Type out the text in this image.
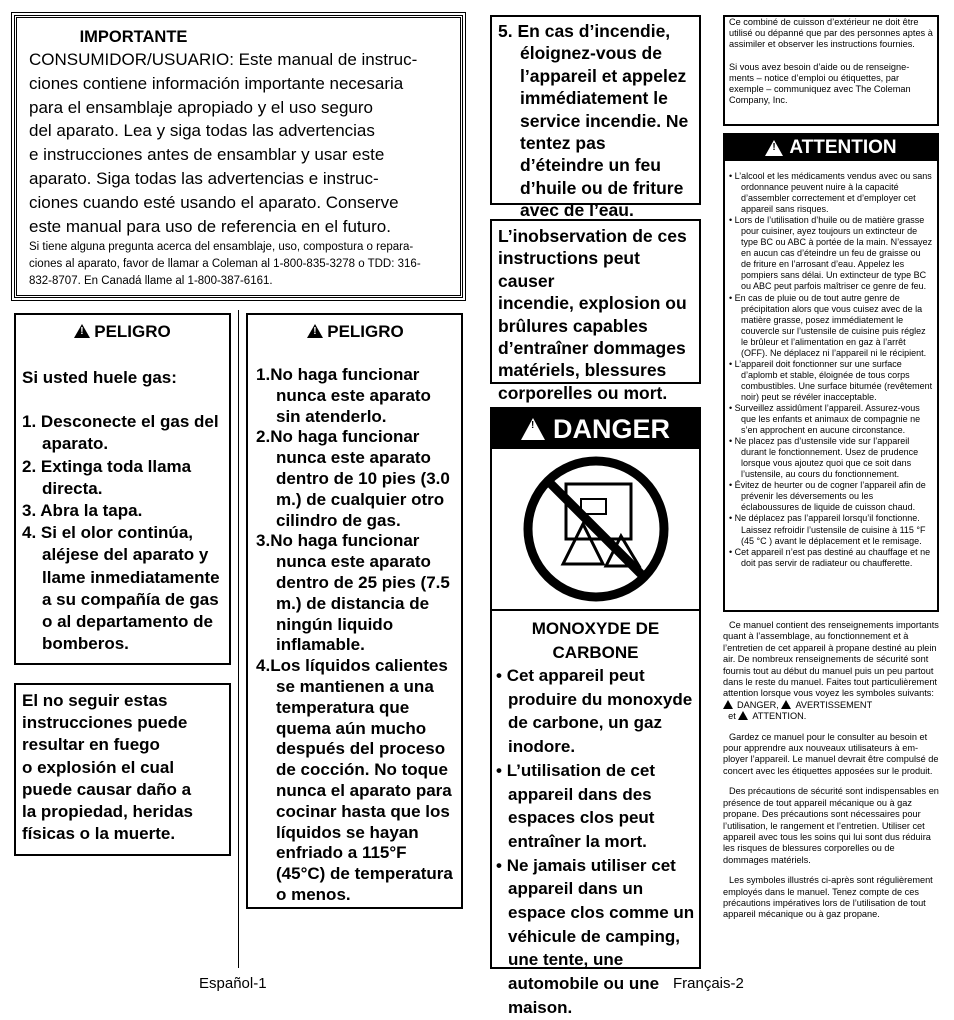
IMPORTANTE
CONSUMIDOR/USUARIO: Este manual de instruc-
ciones contiene información importante necesaria
para el ensamblaje apropiado y el uso seguro
del aparato. Lea y siga todas las advertencias
e instrucciones antes de ensamblar y usar este
aparato. Siga todas las advertencias e instruc-
ciones cuando esté usando el aparato. Conserve
este manual para uso de referencia en el futuro.
Si tiene alguna pregunta acerca del ensamblaje, uso, compostura o repara-
ciones al aparato, favor de llamar a Coleman al 1-800-835-3278 o TDD: 316-
832-8707. En Canadá llame al 1-800-387-6161.
!PELIGRO
Si usted huele gas:
1. Desconecte el gas del aparato.
2. Extinga toda llama directa.
3. Abra la tapa.
4. Si el olor continúa, aléjese del aparato y llame inmediatamente a su compañía de gas o al departamento de bomberos.
El no seguir estas
instrucciones puede
resultar en fuego
o explosión el cual
puede causar daño a
la propiedad, heridas
físicas o la muerte.
!PELIGRO
1.No haga funcionar nunca este aparato sin atenderlo.
2.No haga funcionar nunca este aparato dentro de 10 pies (3.0 m.) de cualquier otro cilindro de gas.
3.No haga funcionar nunca este aparato dentro de 25 pies (7.5 m.) de distancia de ningún liquido inflamable.
4.Los líquidos calientes se mantienen a una temperatura que quema aún mucho después del proceso de cocción. No toque nunca el aparato para cocinar hasta que los líquidos se hayan enfriado a 115°F (45°C) de temperatura o menos.
5. En cas d’incendie, éloignez-vous de l’appareil et appelez immédiatement le service incendie. Ne tentez pas d’éteindre un feu d’huile ou de friture avec de l’eau.
L’inobservation de ces
instructions peut causer
incendie, explosion ou
brûlures capables
d’entraîner dommages
matériels, blessures
corporelles ou mort.
!
DANGER
MONOXYDE DE
CARBONE
• Cet appareil peut produire du monoxyde de carbone, un gaz inodore.
• L’utilisation de cet appareil dans des espaces clos peut entraîner la mort.
• Ne jamais utiliser cet appareil dans un espace clos comme un véhicule de camping, une tente, une automobile ou une maison.
Ce combiné de cuisson d’extérieur ne doit être utilisé ou dépanné que par des personnes aptes à assimiler et observer les instructions fournies.
Si vous avez besoin d’aide ou de renseigne-
ments – notice d’emploi ou étiquettes, par
exemple – communiquez avec The Coleman
Company, Inc.
!
ATTENTION
• L’alcool et les médicaments vendus avec ou sans ordonnance peuvent nuire à la capacité d’assembler correctement et d’employer cet appareil sans risques.
• Lors de l’utilisation d’huile ou de matière grasse pour cuisiner, ayez toujours un extincteur de type BC ou ABC à portée de la main. N’essayez en aucun cas d’éteindre un feu de graisse ou de friture en l’arrosant d’eau. Appelez les pompiers sans délai. Un extincteur de type BC ou ABC peut parfois maîtriser ce genre de feu.
• En cas de pluie ou de tout autre genre de précipitation alors que vous cuisez avec de la matière grasse, posez immédiatement le couvercle sur l’ustensile de cuisine puis réglez le brûleur et l’alimentation en gaz à l’arrêt (OFF). Ne déplacez ni l’appareil ni le récipient.
• L’appareil doit fonctionner sur une surface d’aplomb et stable, éloignée de tous corps combustibles. Une surface bitumée (revêtement noir) peut se révéler inacceptable.
• Surveillez assidûment l’appareil. Assurez-vous que les enfants et animaux de compagnie ne s’en approchent en aucune circonstance.
• Ne placez pas d’ustensile vide sur l’appareil durant le fonctionnement. Usez de prudence lorsque vous ajoutez quoi que ce soit dans l’ustensile, au cours du fonctionnement.
• Évitez de heurter ou de cogner l’appareil afin de prévenir les déversements ou les éclaboussures de liquide de cuisson chaud.
• Ne déplacez pas l’appareil lorsqu’il fonctionne. Laissez refroidir l’ustensile de cuisine à 115 °F (45 °C ) avant le déplacement et le remisage.
• Cet appareil n’est pas destiné au chauffage et ne doit pas servir de radiateur ou chaufferette.
Ce manuel contient des renseignements importants quant à l’assemblage, au fonctionnement et à l’entretien de cet appareil à propane destiné au plein air. De nombreux renseignements de sécurité sont fournis tout au début du manuel puis un peu partout dans le reste du manuel. Faites tout particulièrement attention lorsque vous voyez les symboles suivants:
!DANGER, ! AVERTISSEMENT
et ! ATTENTION.
Gardez ce manuel pour le consulter au besoin et pour apprendre aux nouveaux utilisateurs à em-ployer l’appareil. Le manuel devrait être compulsé de concert avec les étiquettes apposées sur le produit.
Des précautions de sécurité sont indispensables en présence de tout appareil mécanique ou à gaz propane. Des précautions sont nécessaires pour l’utilisation, le rangement et l’entretien. Utiliser cet appareil avec tous les soins qui lui sont dus réduira les risques de blessures corporelles ou de dommages matériels.
Les symboles illustrés ci-après sont régulièrement employés dans le manuel. Tenez compte de ces précautions impératives lors de l’utilisation de tout appareil mécanique ou à gaz propane.
Español-1	Français-2
